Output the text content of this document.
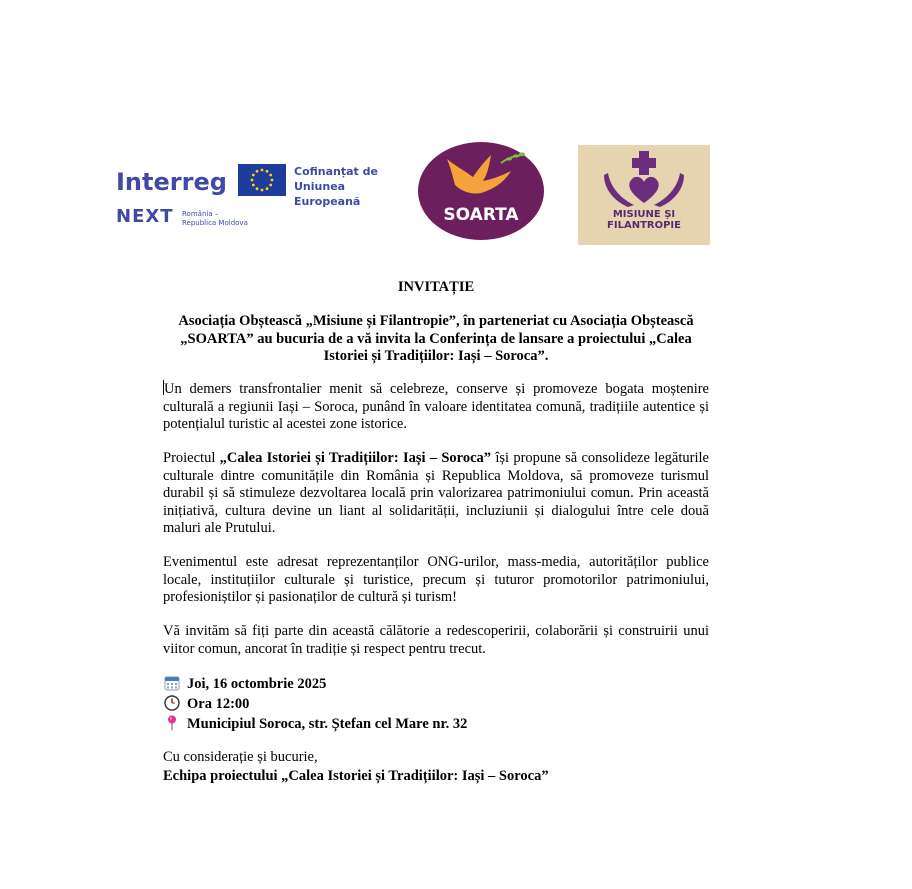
Interreg	Cofinanțat de
Uniunea Europeană
NEXT România –
Republica Moldova	SOARTA	MISIUNE ȘI
FILANTROPIE
INVITAȚIE
Asociația Obștească „Misiune și Filantropie”, în parteneriat cu Asociația Obștească „SOARTA” au bucuria de a vă invita la Conferința de lansare a proiectului „Calea Istoriei și Tradițiilor: Iași – Soroca”.
Un demers transfrontalier menit să celebreze, conserve și promoveze bogata moștenire culturală a regiunii Iași – Soroca, punând în valoare identitatea comună, tradițiile autentice și potențialul turistic al acestei zone istorice.
Proiectul „Calea Istoriei și Tradițiilor: Iași – Soroca” își propune să consolideze legăturile culturale dintre comunitățile din România și Republica Moldova, să promoveze turismul durabil și să stimuleze dezvoltarea locală prin valorizarea patrimoniului comun. Prin această inițiativă, cultura devine un liant al solidarității, incluziunii și dialogului între cele două maluri ale Prutului.
Evenimentul este adresat reprezentanților ONG-urilor, mass-media, autorităților publice locale, instituțiilor culturale și turistice, precum și tuturor promotorilor patrimoniului, profesioniștilor și pasionaților de cultură și turism!
Vă invităm să fiți parte din această călătorie a redescoperirii, colaborării și construirii unui viitor comun, ancorat în tradiție și respect pentru trecut.
Joi, 16 octombrie 2025
Ora 12:00
Municipiul Soroca, str. Ștefan cel Mare nr. 32
Cu considerație și bucurie,
Echipa proiectului „Calea Istoriei și Tradițiilor: Iași – Soroca”
